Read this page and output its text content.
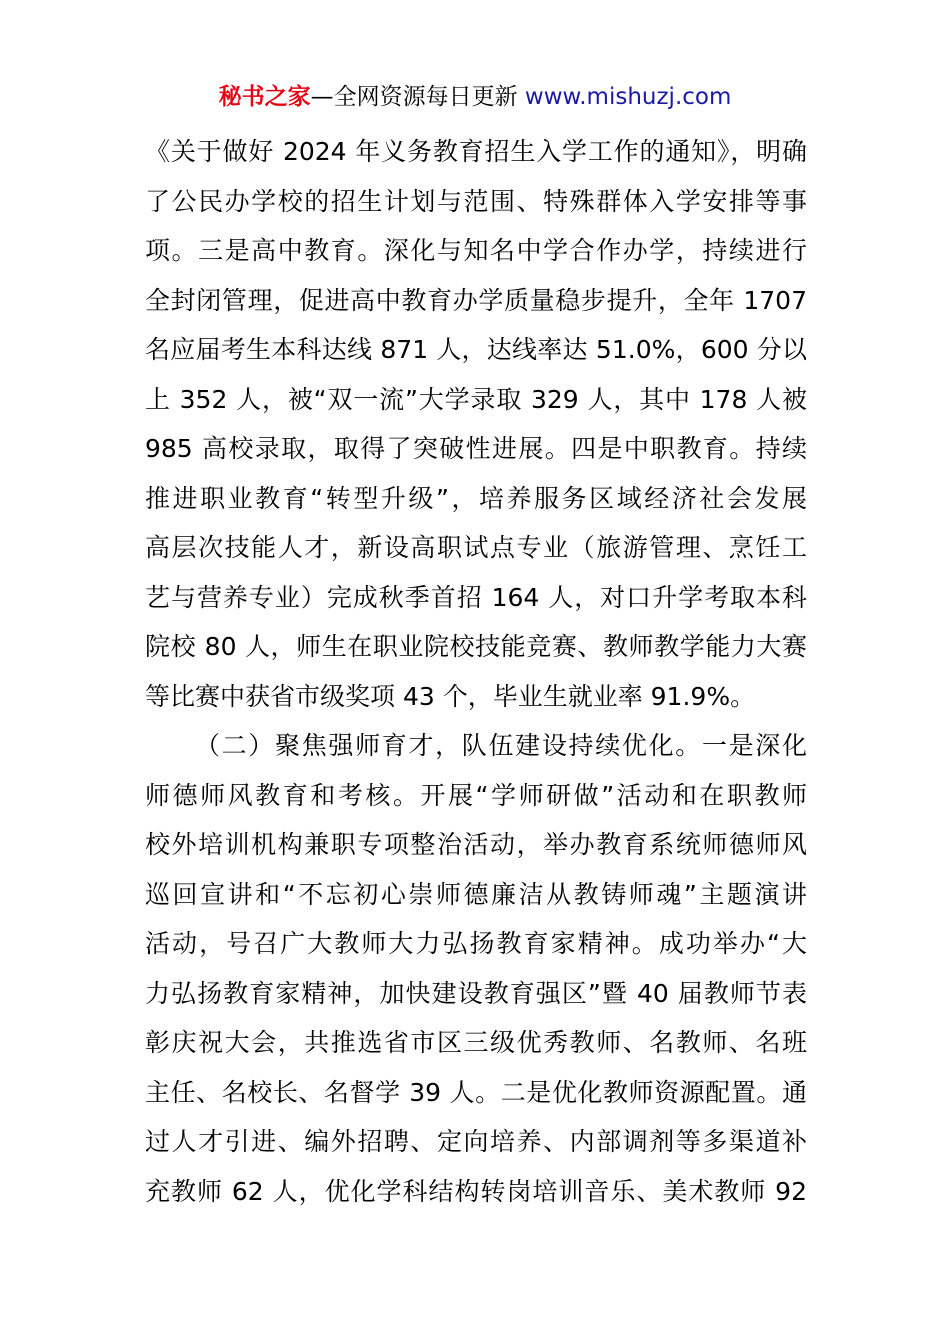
秘书之家—全网资源每日更新 www.mishuzj.com
《关于做好 2024 年义务教育招生入学工作的通知》，明确
了公民办学校的招生计划与范围、特殊群体入学安排等事
项。三是高中教育。深化与知名中学合作办学，持续进行
全封闭管理，促进高中教育办学质量稳步提升，全年 1707
名应届考生本科达线 871 人，达线率达 51.0%，600 分以
上 352 人，被“双一流”大学录取 329 人，其中 178 人被
985 高校录取，取得了突破性进展。四是中职教育。持续
推进职业教育“转型升级”，培养服务区域经济社会发展
高层次技能人才，新设高职试点专业（旅游管理、烹饪工
艺与营养专业）完成秋季首招 164 人，对口升学考取本科
院校 80 人，师生在职业院校技能竞赛、教师教学能力大赛
等比赛中获省市级奖项 43 个，毕业生就业率 91.9%。
（二）聚焦强师育才，队伍建设持续优化。一是深化
师德师风教育和考核。开展“学师研做”活动和在职教师
校外培训机构兼职专项整治活动，举办教育系统师德师风
巡回宣讲和“不忘初心崇师德廉洁从教铸师魂”主题演讲
活动，号召广大教师大力弘扬教育家精神。成功举办“大
力弘扬教育家精神，加快建设教育强区”暨 40 届教师节表
彰庆祝大会，共推选省市区三级优秀教师、名教师、名班
主任、名校长、名督学 39 人。二是优化教师资源配置。通
过人才引进、编外招聘、定向培养、内部调剂等多渠道补
充教师 62 人，优化学科结构转岗培训音乐、美术教师 92
